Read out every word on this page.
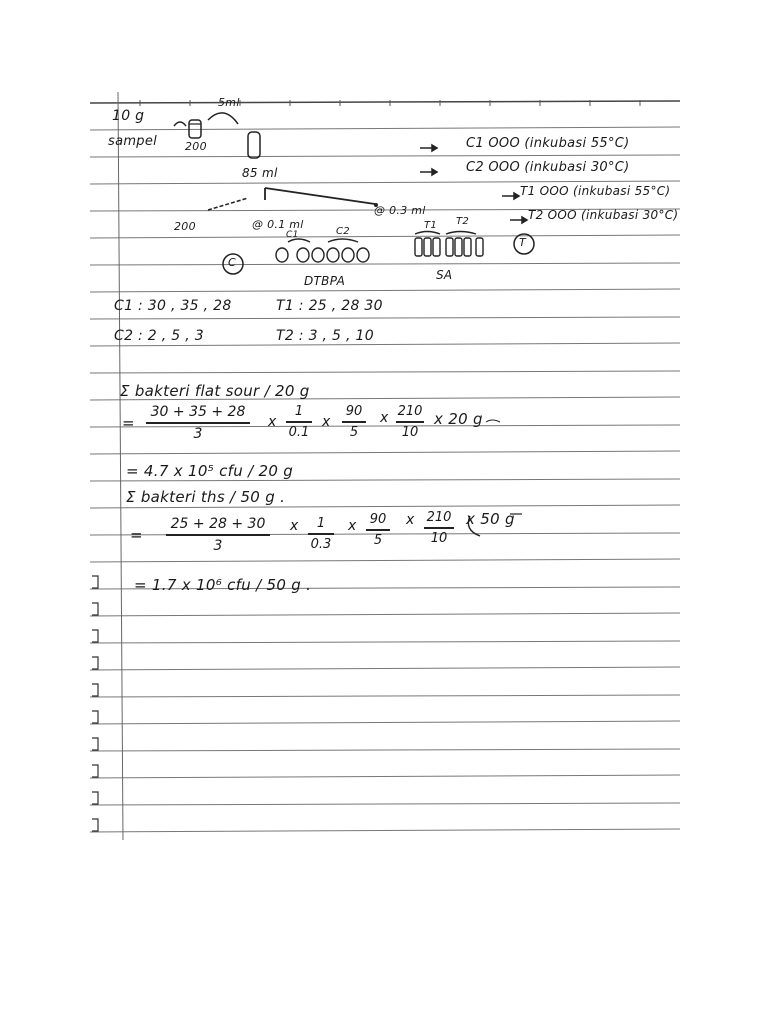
10 g
sampel
5ml
200
85 ml
200	@ 0.1 ml
@ 0.3 ml
C1	C2
T1 T2
C
T
DTBPA	SA
C1 OOO (inkubasi 55°C)
C2 OOO (inkubasi 30°C)
T1 OOO (inkubasi 55°C)
T2 OOO (inkubasi 30°C)
C1 : 30 , 35 , 28
C2 : 2 , 5 , 3
T1 : 25 , 28 30
T2 : 3 , 5 , 10
Σ bakteri flat sour / 20 g
=
30 + 35 + 28
3
x
1
0.1
x
90
5
x 210
10
x 20 g
= 4.7 x 10⁵ cfu / 20 g
Σ bakteri ths / 50 g .
=
25 + 28 + 30
3
x	1
0.3
x 90
5
x 210
10
x 50 g
= 1.7 x 10⁶ cfu / 50 g .
